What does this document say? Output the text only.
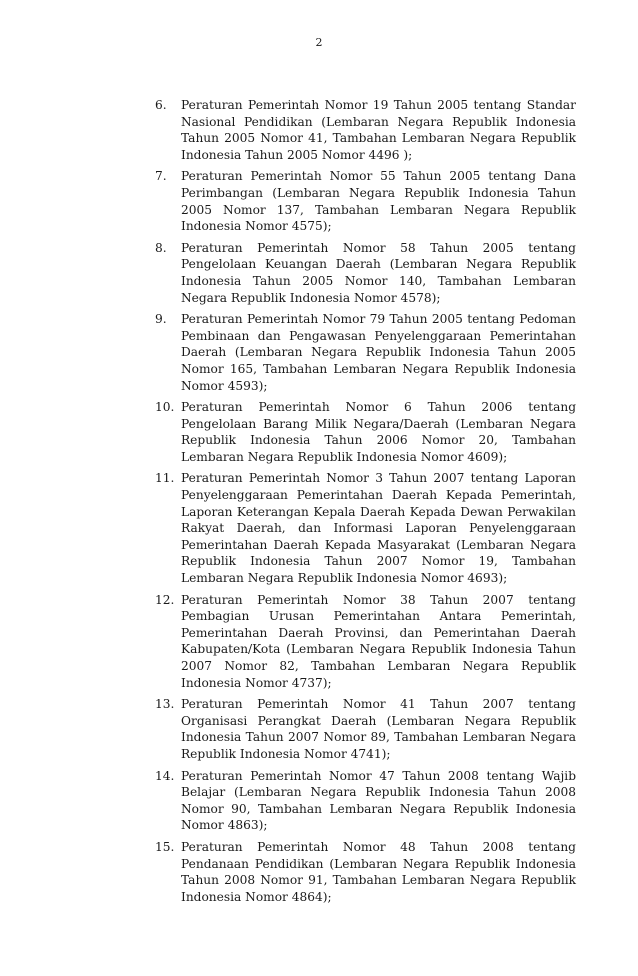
2
6.	Peraturan Pemerintah Nomor 19 Tahun 2005 tentang Standar Nasional Pendidikan (Lembaran Negara Republik Indonesia Tahun 2005 Nomor 41, Tambahan Lembaran Negara Republik Indonesia Tahun 2005 Nomor 4496 );
7.	Peraturan Pemerintah Nomor 55 Tahun 2005 tentang Dana Perimbangan (Lembaran Negara Republik Indonesia Tahun 2005 Nomor 137, Tambahan Lembaran Negara Republik Indonesia Nomor 4575);
8.	Peraturan Pemerintah Nomor 58 Tahun 2005 tentang Pengelolaan Keuangan Daerah (Lembaran Negara Republik Indonesia Tahun 2005 Nomor 140, Tambahan Lembaran Negara Republik Indonesia Nomor 4578);
9.	Peraturan Pemerintah Nomor 79 Tahun 2005 tentang Pedoman Pembinaan dan Pengawasan Penyelenggaraan Pemerintahan Daerah (Lembaran Negara Republik Indonesia Tahun 2005 Nomor 165, Tambahan Lembaran Negara Republik Indonesia Nomor 4593);
10. Peraturan Pemerintah Nomor 6 Tahun 2006 tentang Pengelolaan Barang Milik Negara/Daerah (Lembaran Negara Republik Indonesia Tahun 2006 Nomor 20, Tambahan Lembaran Negara Republik Indonesia Nomor 4609);
11. Peraturan Pemerintah Nomor 3 Tahun 2007 tentang Laporan Penyelenggaraan Pemerintahan Daerah Kepada Pemerintah, Laporan Keterangan Kepala Daerah Kepada Dewan Perwakilan Rakyat Daerah, dan Informasi Laporan Penyelenggaraan Pemerintahan Daerah Kepada Masyarakat (Lembaran Negara Republik Indonesia Tahun 2007 Nomor 19, Tambahan Lembaran Negara Republik Indonesia Nomor 4693);
12. Peraturan Pemerintah Nomor 38 Tahun 2007 tentang Pembagian Urusan Pemerintahan Antara Pemerintah, Pemerintahan Daerah Provinsi, dan Pemerintahan Daerah Kabupaten/Kota (Lembaran Negara Republik Indonesia Tahun 2007 Nomor 82, Tambahan Lembaran Negara Republik Indonesia Nomor 4737);
13. Peraturan Pemerintah Nomor 41 Tahun 2007 tentang Organisasi Perangkat Daerah (Lembaran Negara Republik Indonesia Tahun 2007 Nomor 89, Tambahan Lembaran Negara Republik Indonesia Nomor 4741);
14. Peraturan Pemerintah Nomor 47 Tahun 2008 tentang Wajib Belajar (Lembaran Negara Republik Indonesia Tahun 2008 Nomor 90, Tambahan Lembaran Negara Republik Indonesia Nomor 4863);
15. Peraturan Pemerintah Nomor 48 Tahun 2008 tentang Pendanaan Pendidikan (Lembaran Negara Republik Indonesia Tahun 2008 Nomor 91, Tambahan Lembaran Negara Republik Indonesia Nomor 4864);
